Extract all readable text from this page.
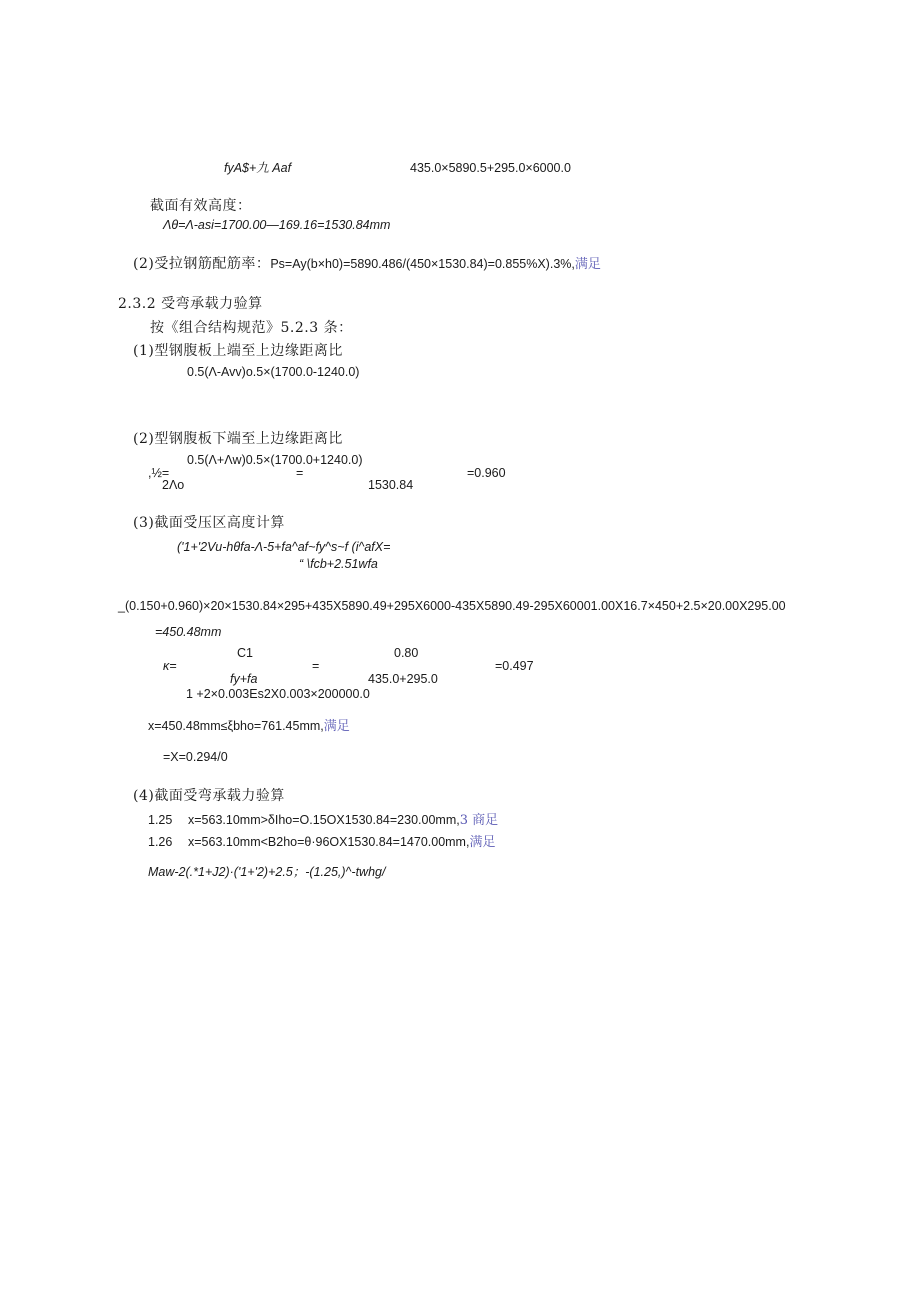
fyA$+九 Aaf	435.0×5890.5+295.0×6000.0
截面有效高度：
Λθ=Λ-asi=1700.00—169.16=1530.84mm
(2)受拉钢筋配筋率：Ps=Ay(b×h0)=5890.486/(450×1530.84)=0.855%X).3%,满足
2.3.2 受弯承载力验算
按《组合结构规范》5.2.3 条：
(1)型钢腹板上端至上边缘距离比
0.5(Λ-Avv)o.5×(1700.0-1240.0)
(2)型钢腹板下端至上边缘距离比
0.5(Λ+Λw)0.5×(1700.0+1240.0)
,½=	=	=0.960
2Λo	1530.84
(3)截面受压区高度计算
('1+'2Vu-hθfa-Λ-5+fa^af~fy^s~f (i^afX=
“ \fcb+2.51wfa
_(0.150+0.960)×20×1530.84×295+435X5890.49+295X6000-435X5890.49-295X60001.00X16.7×450+2.5×20.00X295.00
=450.48mm
C1	0.80
κ=	=	=0.497
fy+fa	435.0+295.0
1 +2×0.003Es2X0.003×200000.0
x=450.48mm≤ξbho=761.45mm,满足
=X=0.294/0
(4)截面受弯承载力验算
1.25 x=563.10mm>δIho=O.15OX1530.84=230.00mm,3 商足
1.26 x=563.10mm<B2ho=θ·96OX1530.84=1470.00mm,满足
Maw-2(.*1+J2)·('1+'2)+2.5；-(1.25,)^-twhg/
